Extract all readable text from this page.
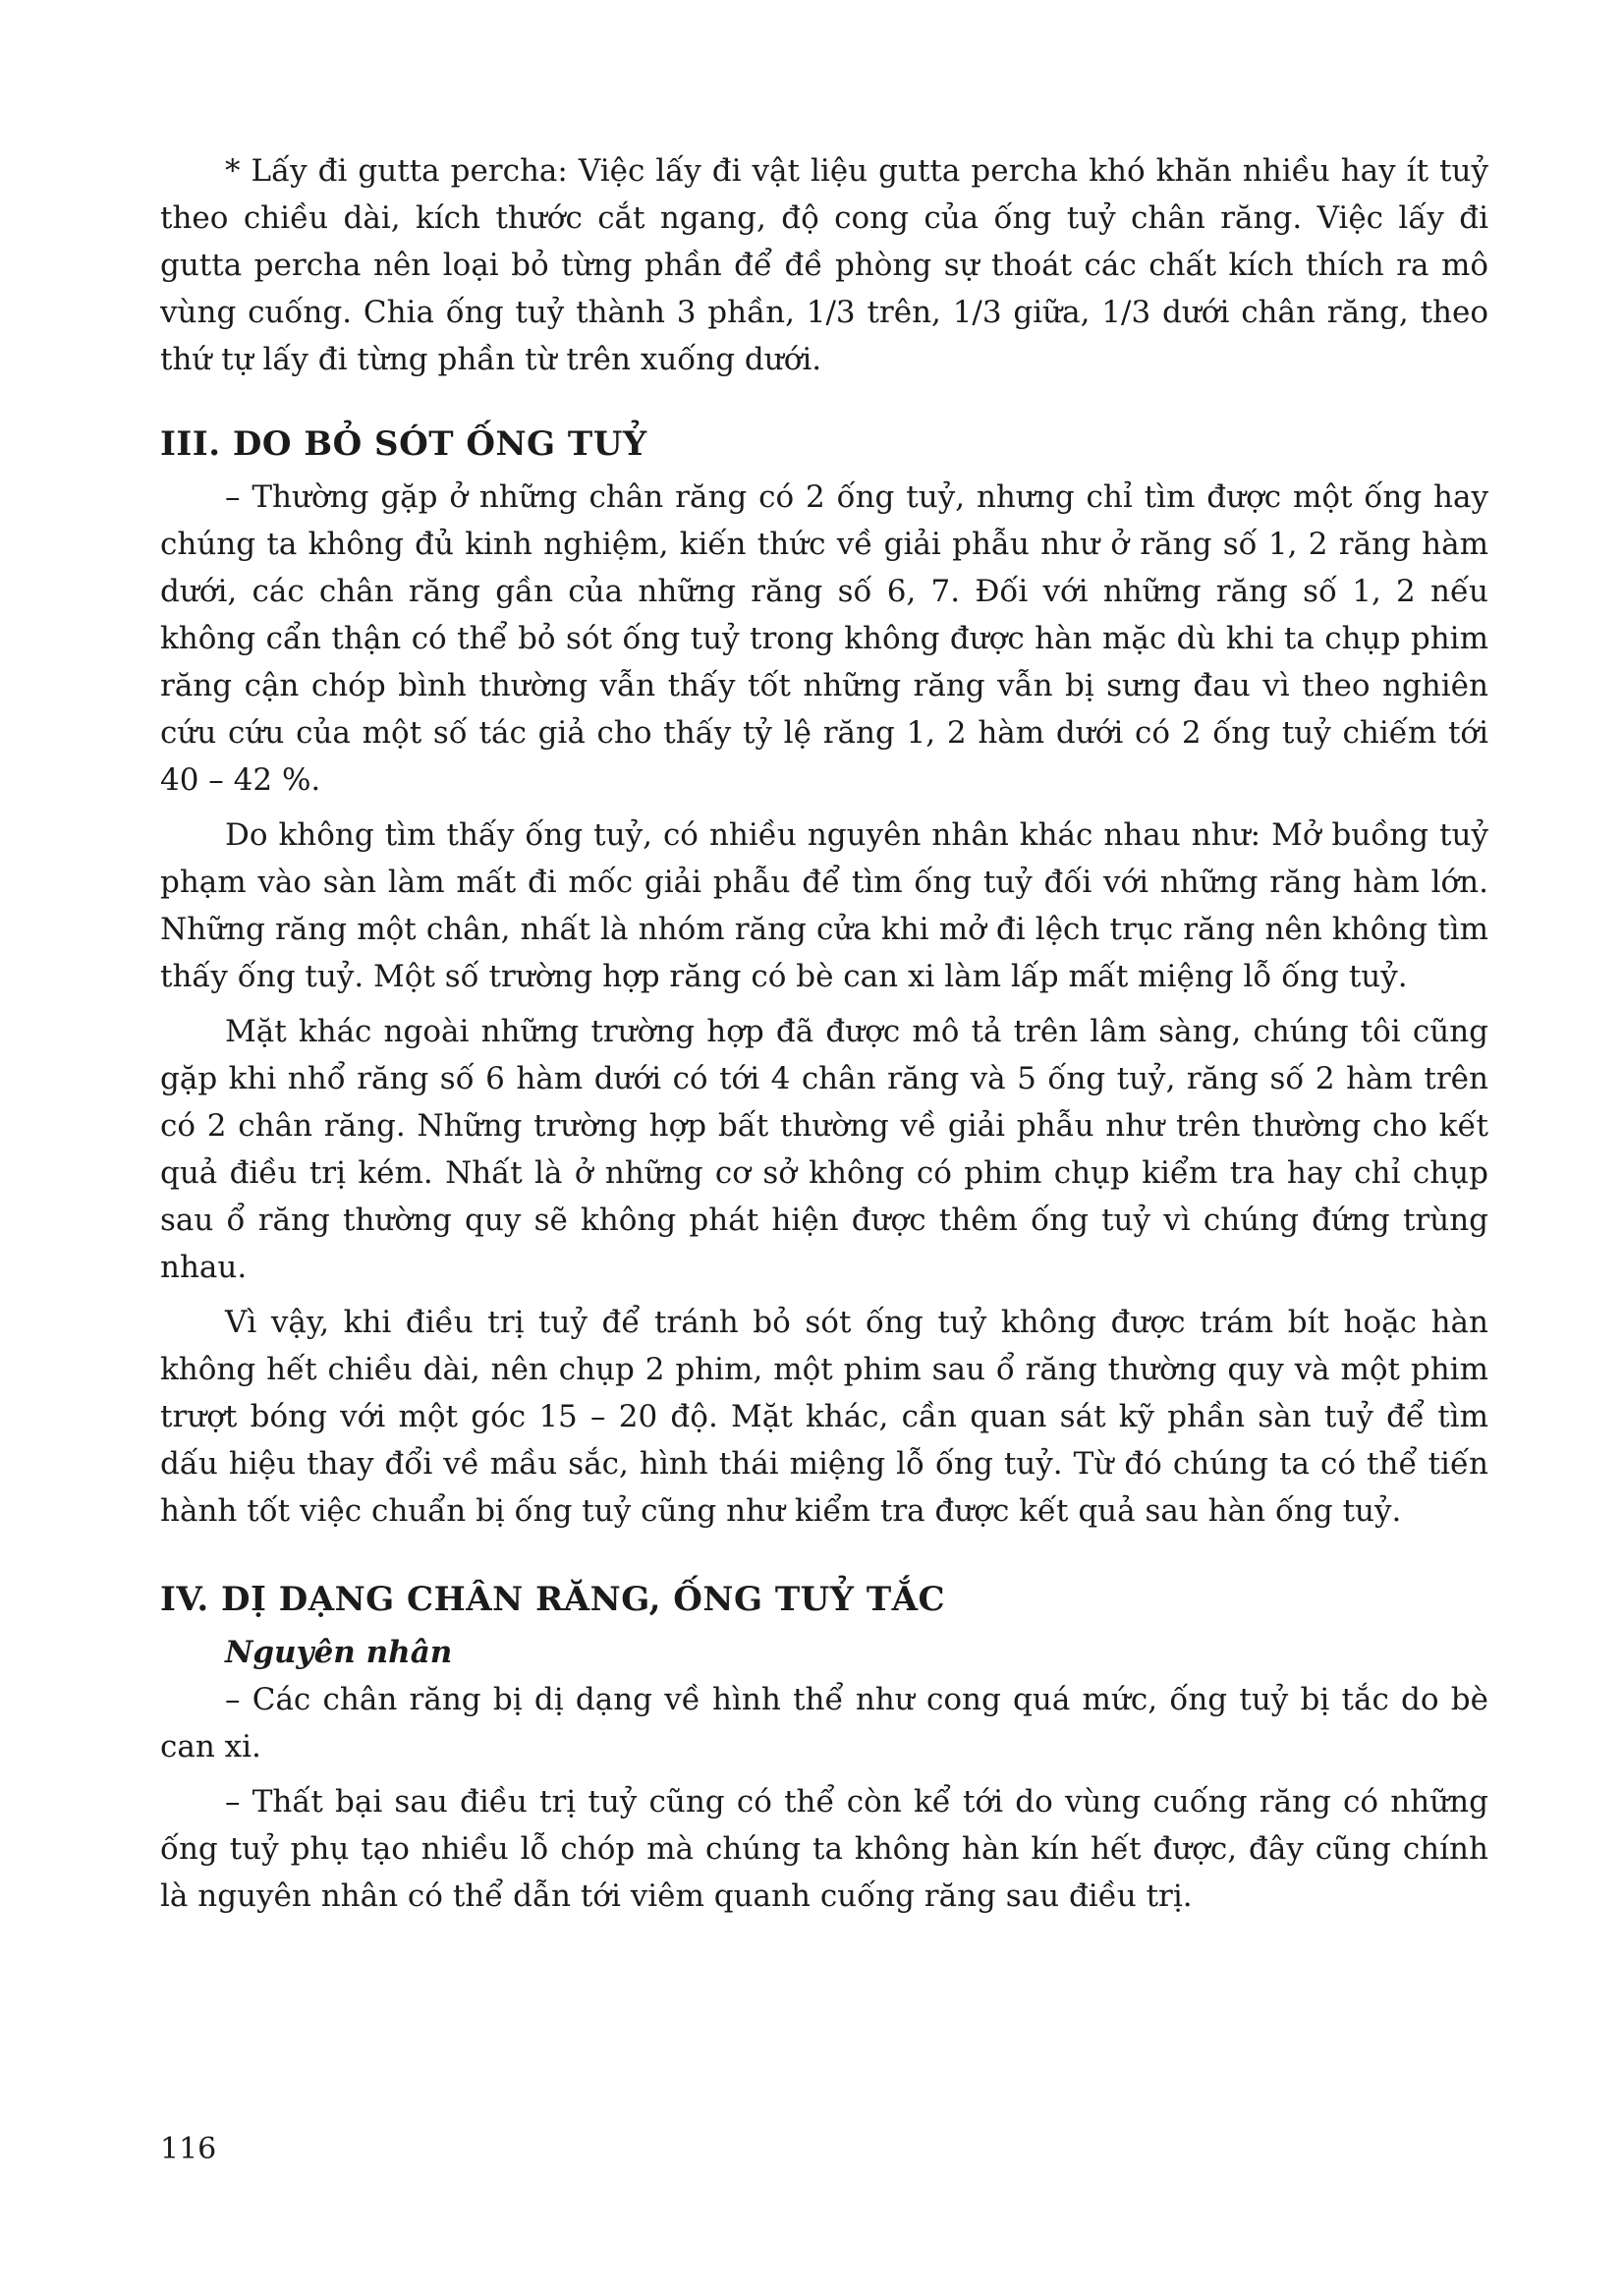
* Lấy đi gutta percha: Việc lấy đi vật liệu gutta percha khó khăn nhiều hay ít tuỷ theo chiều dài, kích thước cắt ngang, độ cong của ống tuỷ chân răng. Việc lấy đi gutta percha nên loại bỏ từng phần để đề phòng sự thoát các chất kích thích ra mô vùng cuống. Chia ống tuỷ thành 3 phần, 1/3 trên, 1/3 giữa, 1/3 dưới chân răng, theo thứ tự lấy đi từng phần từ trên xuống dưới.

III. DO BỎ SÓT ỐNG TUỶ

– Thường gặp ở những chân răng có 2 ống tuỷ, nhưng chỉ tìm được một ống hay chúng ta không đủ kinh nghiệm, kiến thức về giải phẫu như ở răng số 1, 2 răng hàm dưới, các chân răng gần của những răng số 6, 7. Đối với những răng số 1, 2 nếu không cẩn thận có thể bỏ sót ống tuỷ trong không được hàn mặc dù khi ta chụp phim răng cận chóp bình thường vẫn thấy tốt những răng vẫn bị sưng đau vì theo nghiên cứu cứu của một số tác giả cho thấy tỷ lệ răng 1, 2 hàm dưới có 2 ống tuỷ chiếm tới 40 – 42 %.

Do không tìm thấy ống tuỷ, có nhiều nguyên nhân khác nhau như: Mở buồng tuỷ phạm vào sàn làm mất đi mốc giải phẫu để tìm ống tuỷ đối với những răng hàm lớn. Những răng một chân, nhất là nhóm răng cửa khi mở đi lệch trục răng nên không tìm thấy ống tuỷ. Một số trường hợp răng có bè can xi làm lấp mất miệng lỗ ống tuỷ.

Mặt khác ngoài những trường hợp đã được mô tả trên lâm sàng, chúng tôi cũng gặp khi nhổ răng số 6 hàm dưới có tới 4 chân răng và 5 ống tuỷ, răng số 2 hàm trên có 2 chân răng. Những trường hợp bất thường về giải phẫu như trên thường cho kết quả điều trị kém. Nhất là ở những cơ sở không có phim chụp kiểm tra hay chỉ chụp sau ổ răng thường quy sẽ không phát hiện được thêm ống tuỷ vì chúng đứng trùng nhau.

Vì vậy, khi điều trị tuỷ để tránh bỏ sót ống tuỷ không được trám bít hoặc hàn không hết chiều dài, nên chụp 2 phim, một phim sau ổ răng thường quy và một phim trượt bóng với một góc 15 – 20 độ. Mặt khác, cần quan sát kỹ phần sàn tuỷ để tìm dấu hiệu thay đổi về mầu sắc, hình thái miệng lỗ ống tuỷ. Từ đó chúng ta có thể tiến hành tốt việc chuẩn bị ống tuỷ cũng như kiểm tra được kết quả sau hàn ống tuỷ.

IV. DỊ DẠNG CHÂN RĂNG, ỐNG TUỶ TẮC

Nguyên nhân

– Các chân răng bị dị dạng về hình thể như cong quá mức, ống tuỷ bị tắc do bè can xi.

– Thất bại sau điều trị tuỷ cũng có thể còn kể tới do vùng cuống răng có những ống tuỷ phụ tạo nhiều lỗ chóp mà chúng ta không hàn kín hết được, đây cũng chính là nguyên nhân có thể dẫn tới viêm quanh cuống răng sau điều trị.

116
